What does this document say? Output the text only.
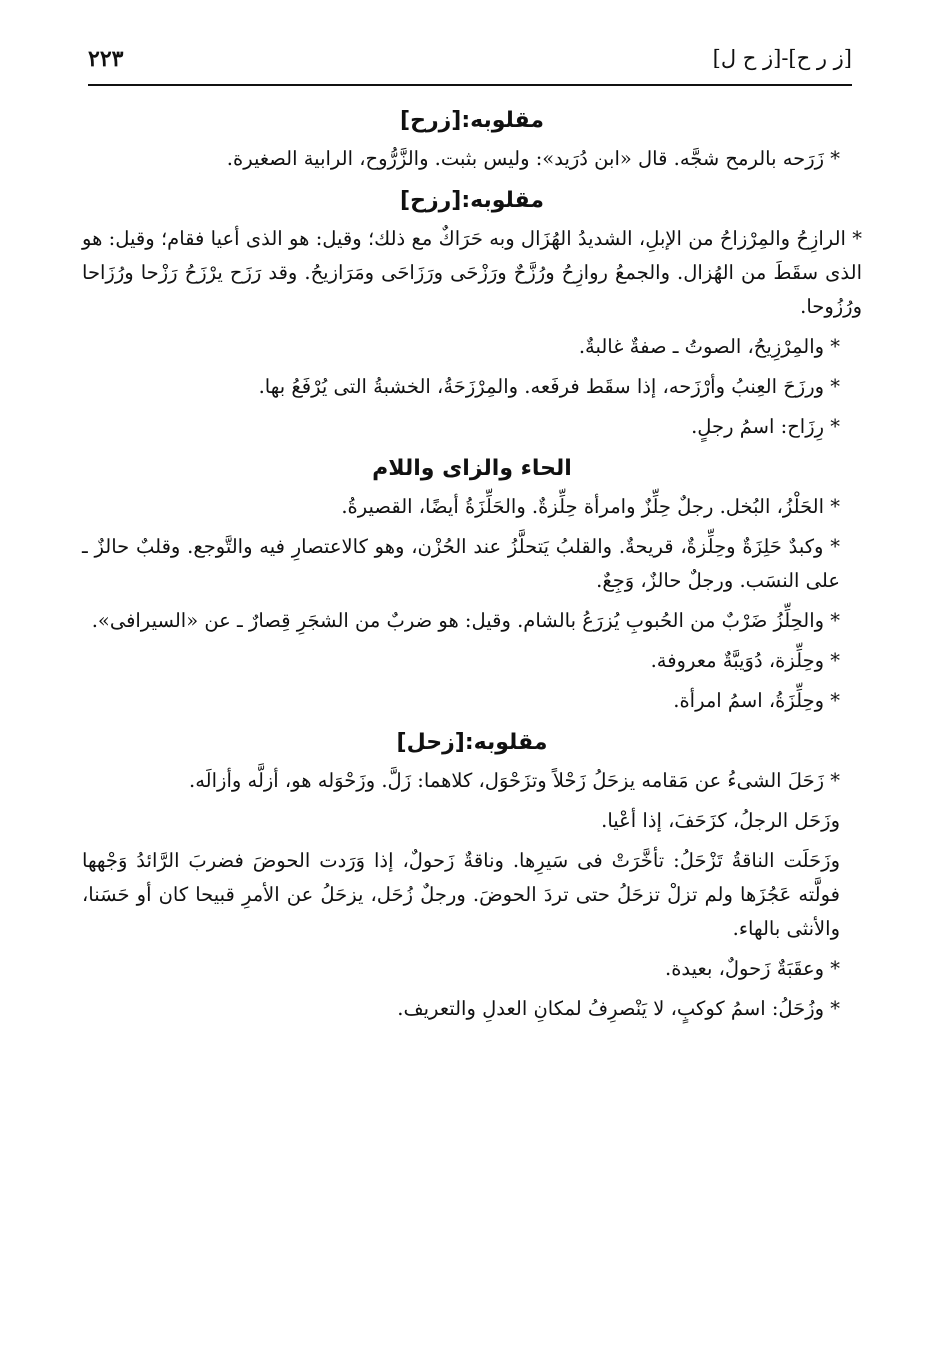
[ز ر ح]-[ز ح ل]
٢٢٣
مقلوبه:[زرح]

* زَرَحه بالرمح شجَّه. قال «ابن دُرَيد»: وليس بثبت. والزَّرُّوح، الرابية الصغيرة.

مقلوبه:[رزح]

* الرازِحُ والمِرْزاحُ من الإبلِ، الشديدُ الهُزَال وبه حَرَاكٌ مع ذلك؛ وقيل: هو الذى أعيا فقام؛ وقيل: هو الذى سقَطَ من الهُزال. والجمعُ روازِحُ ورُزَّحٌ ورَزْحَى ورَزَاحَى ومَرَازيحُ. وقد رَزَح يرْزَحُ رَزْحا ورُزَاحا ورُزُوحا.

* والمِرْزِيحُ، الصوتُ ـ صفةٌ غالبةٌ.

* ورزَحَ العِنبُ وأرْزَحه، إذا سقَط فرفَعه. والمِرْزَحَةُ، الخشبةُ التى يُرْفَعُ بها.

* رِزَاح: اسمُ رجلٍ.

الحاء والزاى واللام

* الحَلْزُ، البُخل. رجلٌ حِلِّزٌ وامرأة حِلِّزةٌ. والحَلِّزَةُ أيضًا، القصيرةُ.

* وكبدٌ حَلِزَةٌ وحِلِّزةٌ، قريحةٌ. والقلبُ يَتحلَّزُ عند الحُزْن، وهو كالاعتصارِ فيه والتَّوجع. وقلبٌ حالزٌ ـ على النسَب. ورجلٌ حالزٌ، وَجِعٌ.

* والحِلِّزُ ضَرْبٌ من الحُبوبِ يُزرَعُ بالشام. وقيل: هو ضربٌ من الشجَرِ قِصارٌ ـ عن «السيرافى».

* وحِلِّزة، دُوَيبَّةٌ معروفة.

* وحِلِّزَةُ، اسمُ امرأة.

مقلوبه:[زحل]

* زَحَلَ الشىءُ عن مَقامه يزحَلُ زَحْلاً وتزَحْوَل، كلاهما: زَلَّ. وزَحْوَله هو، أزلَّه وأزالَه.

وزَحَل الرجلُ، كزَحَفَ، إذا أعْيا.

وزَحَلَت الناقةُ تَزْحَلُ: تأخَّرَتْ فى سَيرِها. وناقةٌ زَحولٌ، إذا وَرَدت الحوضَ فضربَ الرَّائدُ وَجْهها فولَّته عَجُزَها ولم تزلْ تزحَلُ حتى تردَ الحوضَ. ورجلٌ زُحَل، يزحَلُ عن الأمرِ قبيحا كان أو حَسَنا، والأنثى بالهاء.

* وعقَبَةٌ زَحولٌ، بعيدة.

* وزُحَلُ: اسمُ كوكبٍ، لا يَنْصرِفُ لمكانِ العدلِ والتعريف.
